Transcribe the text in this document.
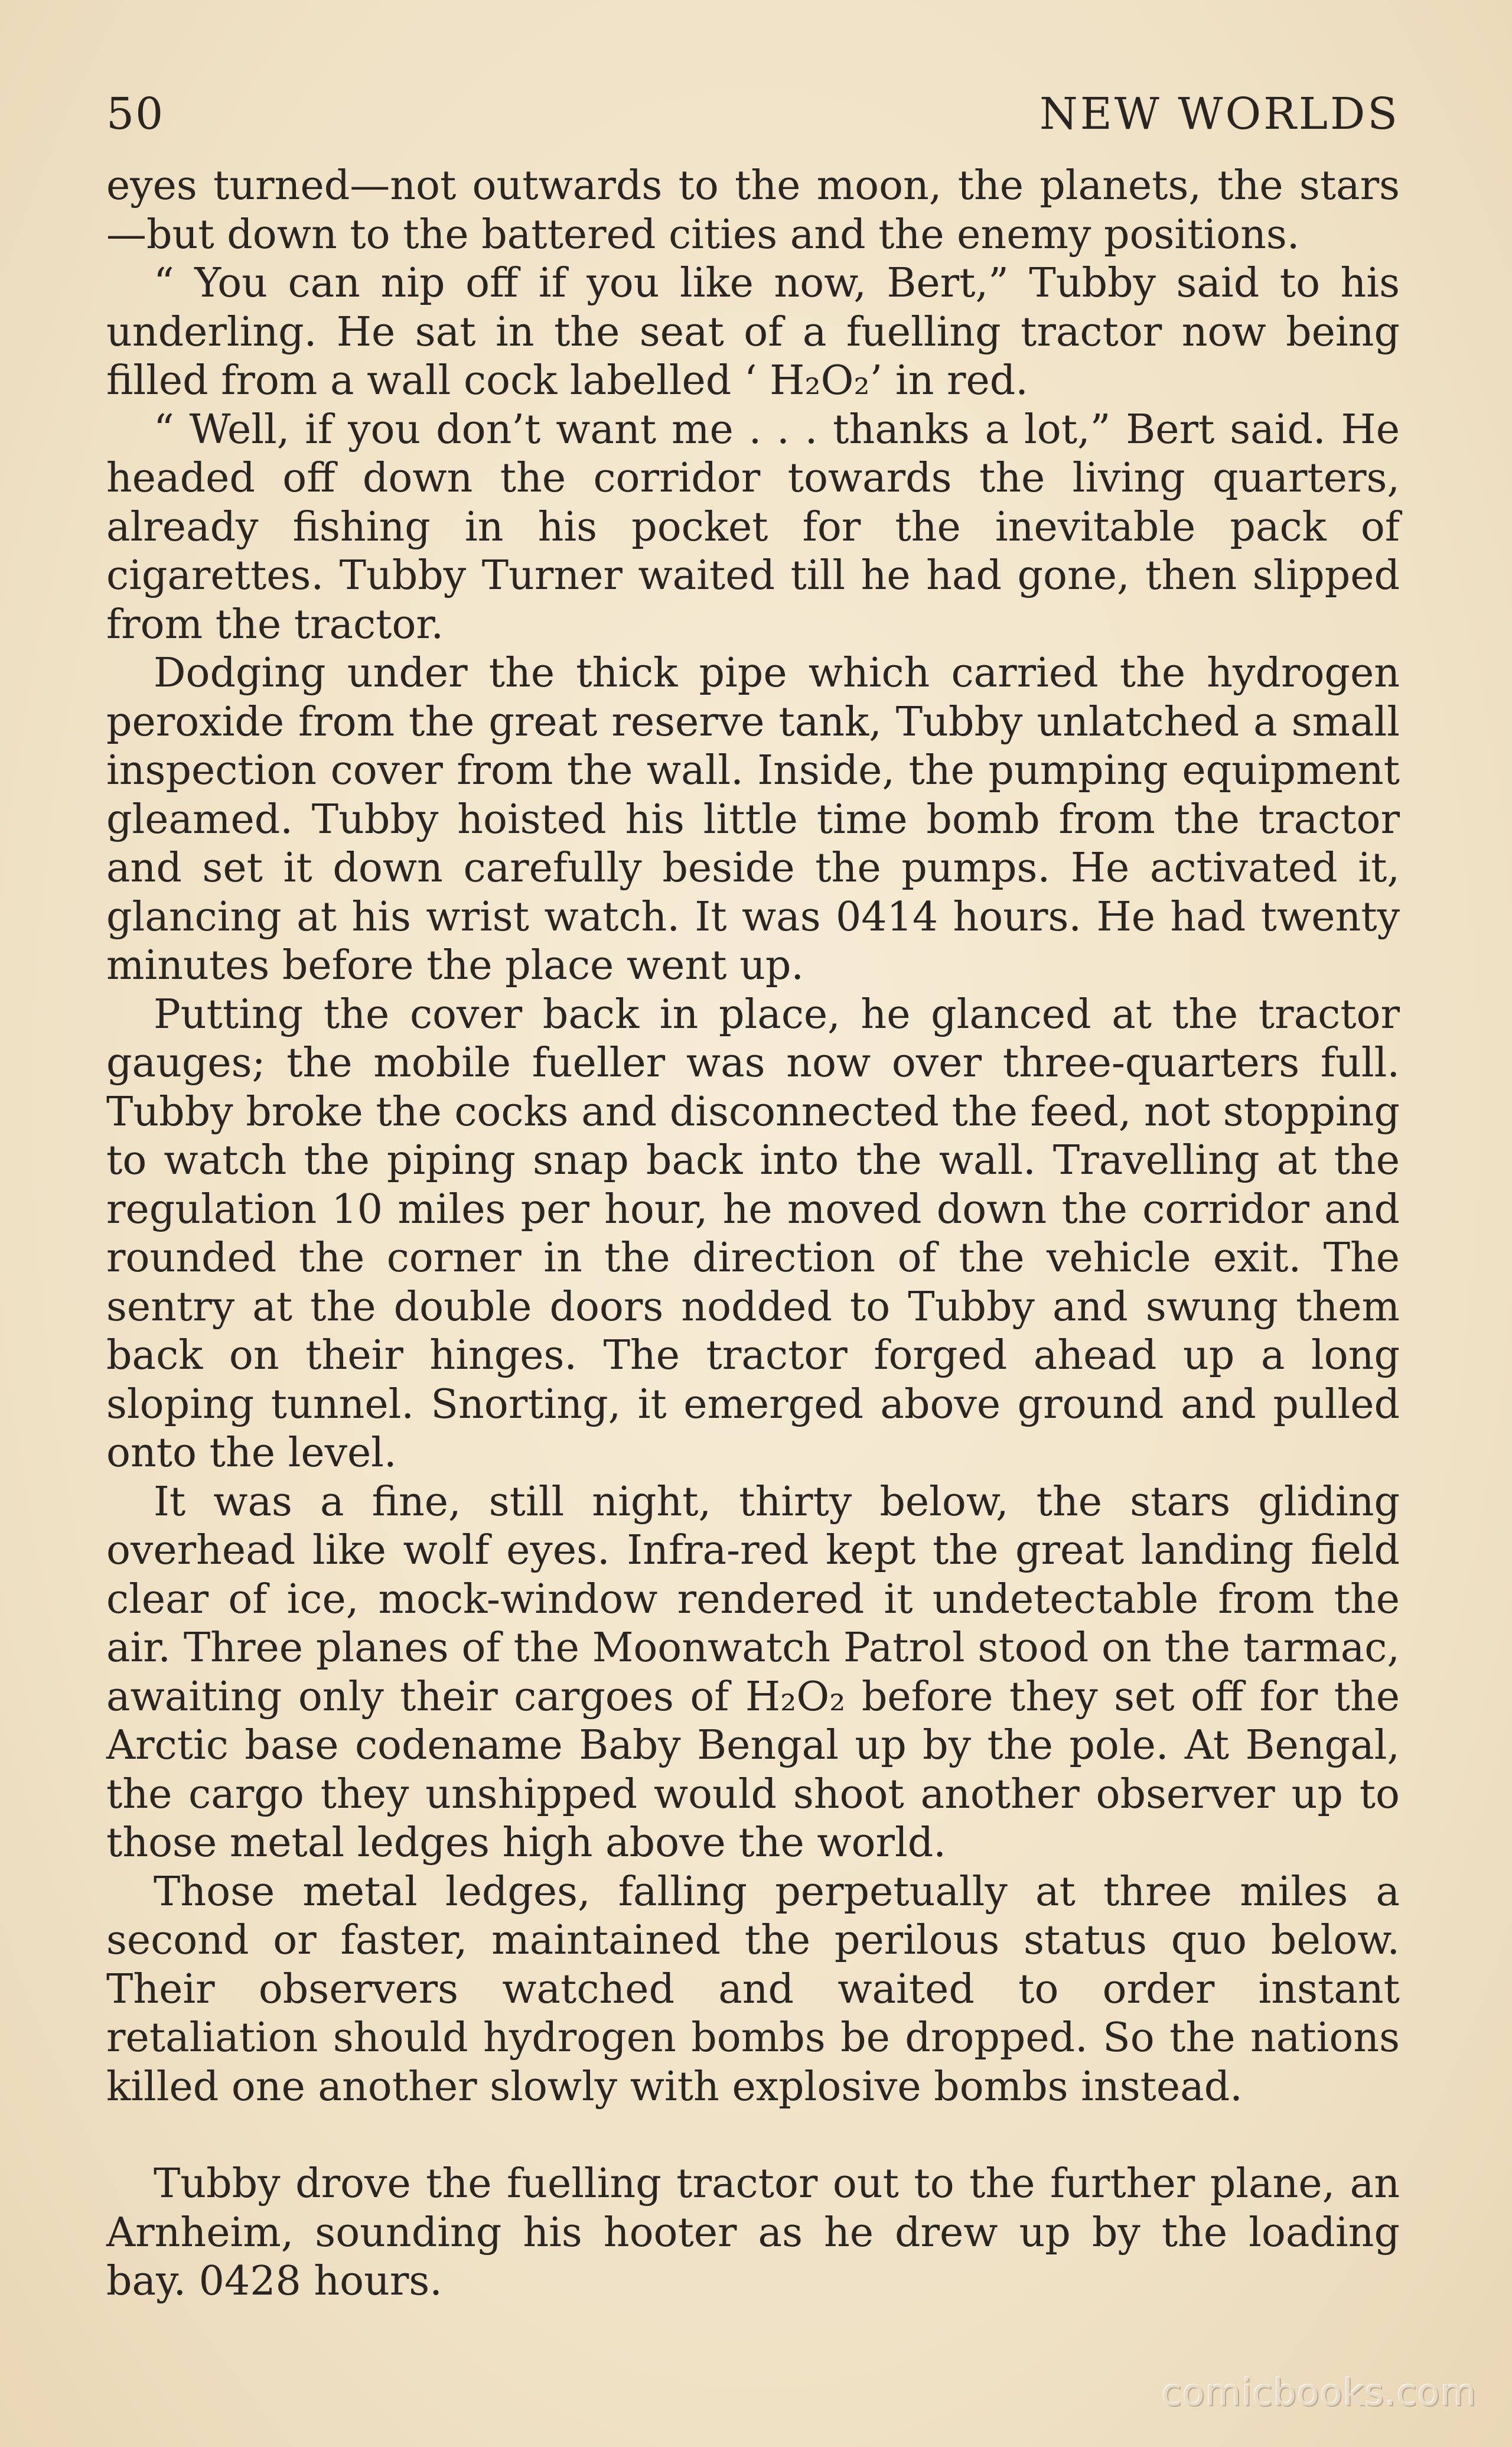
50	NEW WORLDS

eyes turned—not outwards to the moon, the planets, the stars —but down to the battered cities and the enemy positions.

“ You can nip off if you like now, Bert,” Tubby said to his underling. He sat in the seat of a fuelling tractor now being filled from a wall cock labelled ‘ H₂O₂’ in red.

“ Well, if you don’t want me . . . thanks a lot,” Bert said. He headed off down the corridor towards the living quarters, already fishing in his pocket for the inevitable pack of cigarettes. Tubby Turner waited till he had gone, then slipped from the tractor.

Dodging under the thick pipe which carried the hydrogen peroxide from the great reserve tank, Tubby unlatched a small inspection cover from the wall. Inside, the pumping equipment gleamed. Tubby hoisted his little time bomb from the tractor and set it down carefully beside the pumps. He activated it, glancing at his wrist watch. It was 0414 hours. He had twenty minutes before the place went up.

Putting the cover back in place, he glanced at the tractor gauges; the mobile fueller was now over three-quarters full. Tubby broke the cocks and disconnected the feed, not stopping to watch the piping snap back into the wall. Travelling at the regulation 10 miles per hour, he moved down the corridor and rounded the corner in the direction of the vehicle exit. The sentry at the double doors nodded to Tubby and swung them back on their hinges. The tractor forged ahead up a long sloping tunnel. Snorting, it emerged above ground and pulled onto the level.

It was a fine, still night, thirty below, the stars gliding overhead like wolf eyes. Infra-red kept the great landing field clear of ice, mock-window rendered it undetectable from the air. Three planes of the Moonwatch Patrol stood on the tarmac, awaiting only their cargoes of H₂O₂ before they set off for the Arctic base codename Baby Bengal up by the pole. At Bengal, the cargo they unshipped would shoot another observer up to those metal ledges high above the world.

Those metal ledges, falling perpetually at three miles a second or faster, maintained the perilous status quo below. Their observers watched and waited to order instant retaliation should hydrogen bombs be dropped. So the nations killed one another slowly with explosive bombs instead.

Tubby drove the fuelling tractor out to the further plane, an Arnheim, sounding his hooter as he drew up by the loading bay. 0428 hours.

comicbooks.com
